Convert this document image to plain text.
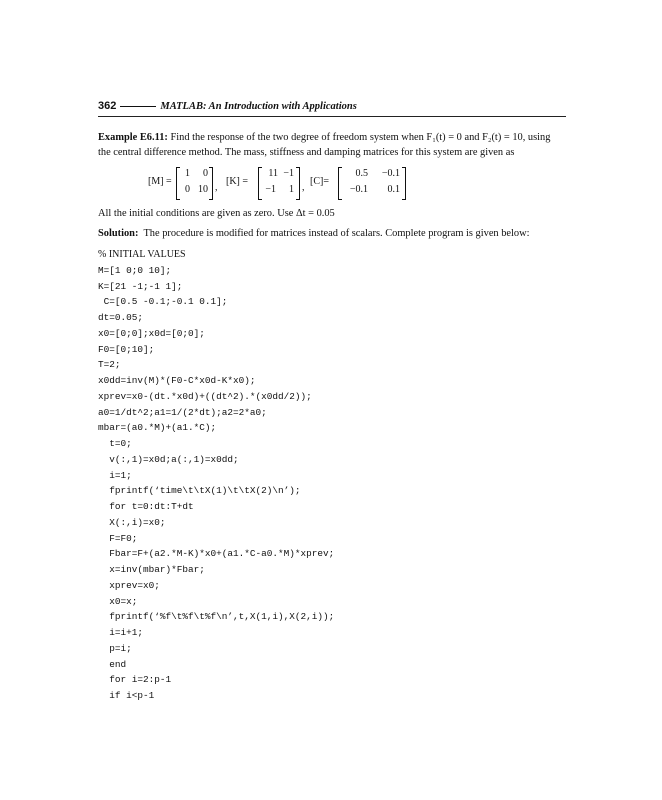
362	MATLAB: An Introduction with Applications
Example E6.11: Find the response of the two degree of freedom system when F₁(t) = 0 and F₂(t) = 10, using
the central difference method. The mass, stiffness and damping matrices for this system are given as
[M] =
1	0
0 10 ,
[K] =
11 −1
−1	1 ,
[C]=
0.5	−0.1
−0.1	0.1
All the initial conditions are given as zero. Use Δt = 0.05
Solution: The procedure is modified for matrices instead of scalars. Complete program is given below:
% INITIAL VALUES
M=[1 0;0 10];
K=[21 -1;-1 1];
C=[0.5 -0.1;-0.1 0.1];
dt=0.05;
x0=[0;0];x0d=[0;0];
F0=[0;10];
T=2;
x0dd=inv(M)*(F0-C*x0d-K*x0);
xprev=x0-(dt.*x0d)+((dt^2).*(x0dd/2));
a0=1/dt^2;a1=1/(2*dt);a2=2*a0;
mbar=(a0.*M)+(a1.*C);
t=0;
v(:,1)=x0d;a(:,1)=x0dd;
i=1;
fprintf(‘time\t\tX(1)\t\tX(2)\n’);
for t=0:dt:T+dt
X(:,i)=x0;
F=F0;
Fbar=F+(a2.*M-K)*x0+(a1.*C-a0.*M)*xprev;
x=inv(mbar)*Fbar;
xprev=x0;
x0=x;
fprintf(‘%f\t%f\t%f\n’,t,X(1,i),X(2,i));
i=i+1;
p=i;
end
for i=2:p-1
if i<p-1
